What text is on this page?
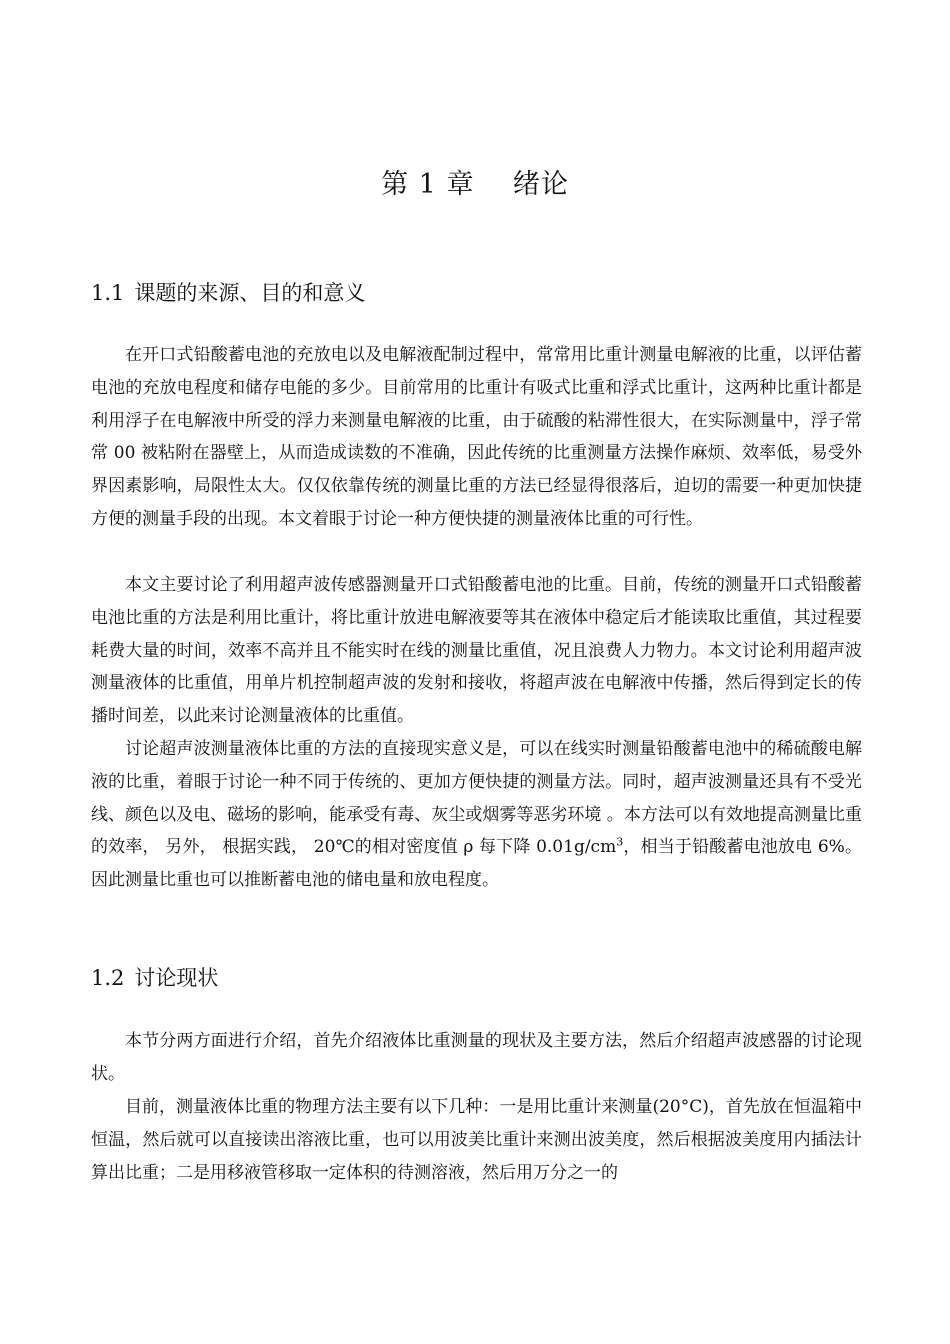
第 1 章    绪论
1.1 课题的来源、目的和意义

在开口式铅酸蓄电池的充放电以及电解液配制过程中，常常用比重计测量电解液的比重，以评估蓄电池的充放电程度和储存电能的多少。目前常用的比重计有吸式比重和浮式比重计，这两种比重计都是利用浮子在电解液中所受的浮力来测量电解液的比重，由于硫酸的粘滞性很大，在实际测量中，浮子常常 00 被粘附在器壁上，从而造成读数的不准确，因此传统的比重测量方法操作麻烦、效率低，易受外界因素影响，局限性太大。仅仅依靠传统的测量比重的方法已经显得很落后，迫切的需要一种更加快捷方便的测量手段的出现。本文着眼于讨论一种方便快捷的测量液体比重的可行性。

本文主要讨论了利用超声波传感器测量开口式铅酸蓄电池的比重。目前，传统的测量开口式铅酸蓄电池比重的方法是利用比重计，将比重计放进电解液要等其在液体中稳定后才能读取比重值，其过程要耗费大量的时间，效率不高并且不能实时在线的测量比重值，况且浪费人力物力。本文讨论利用超声波测量液体的比重值，用单片机控制超声波的发射和接收，将超声波在电解液中传播，然后得到定长的传播时间差，以此来讨论测量液体的比重值。

讨论超声波测量液体比重的方法的直接现实意义是，可以在线实时测量铅酸蓄电池中的稀硫酸电解液的比重，着眼于讨论一种不同于传统的、更加方便快捷的测量方法。同时，超声波测量还具有不受光线、颜色以及电、磁场的影响，能承受有毒、灰尘或烟雾等恶劣环境 。本方法可以有效地提高测量比重的效率， 另外， 根据实践， 20℃的相对密度值 ρ 每下降 $0.01g/cm^3$，相当于铅酸蓄电池放电 6%。因此测量比重也可以推断蓄电池的储电量和放电程度。

1.2 讨论现状

本节分两方面进行介绍，首先介绍液体比重测量的现状及主要方法，然后介绍超声波感器的讨论现状。

目前，测量液体比重的物理方法主要有以下几种：一是用比重计来测量(20°C)，首先放在恒温箱中恒温，然后就可以直接读出溶液比重，也可以用波美比重计来测出波美度，然后根据波美度用内插法计算出比重；二是用移液管移取一定体积的待测溶液，然后用万分之一的
